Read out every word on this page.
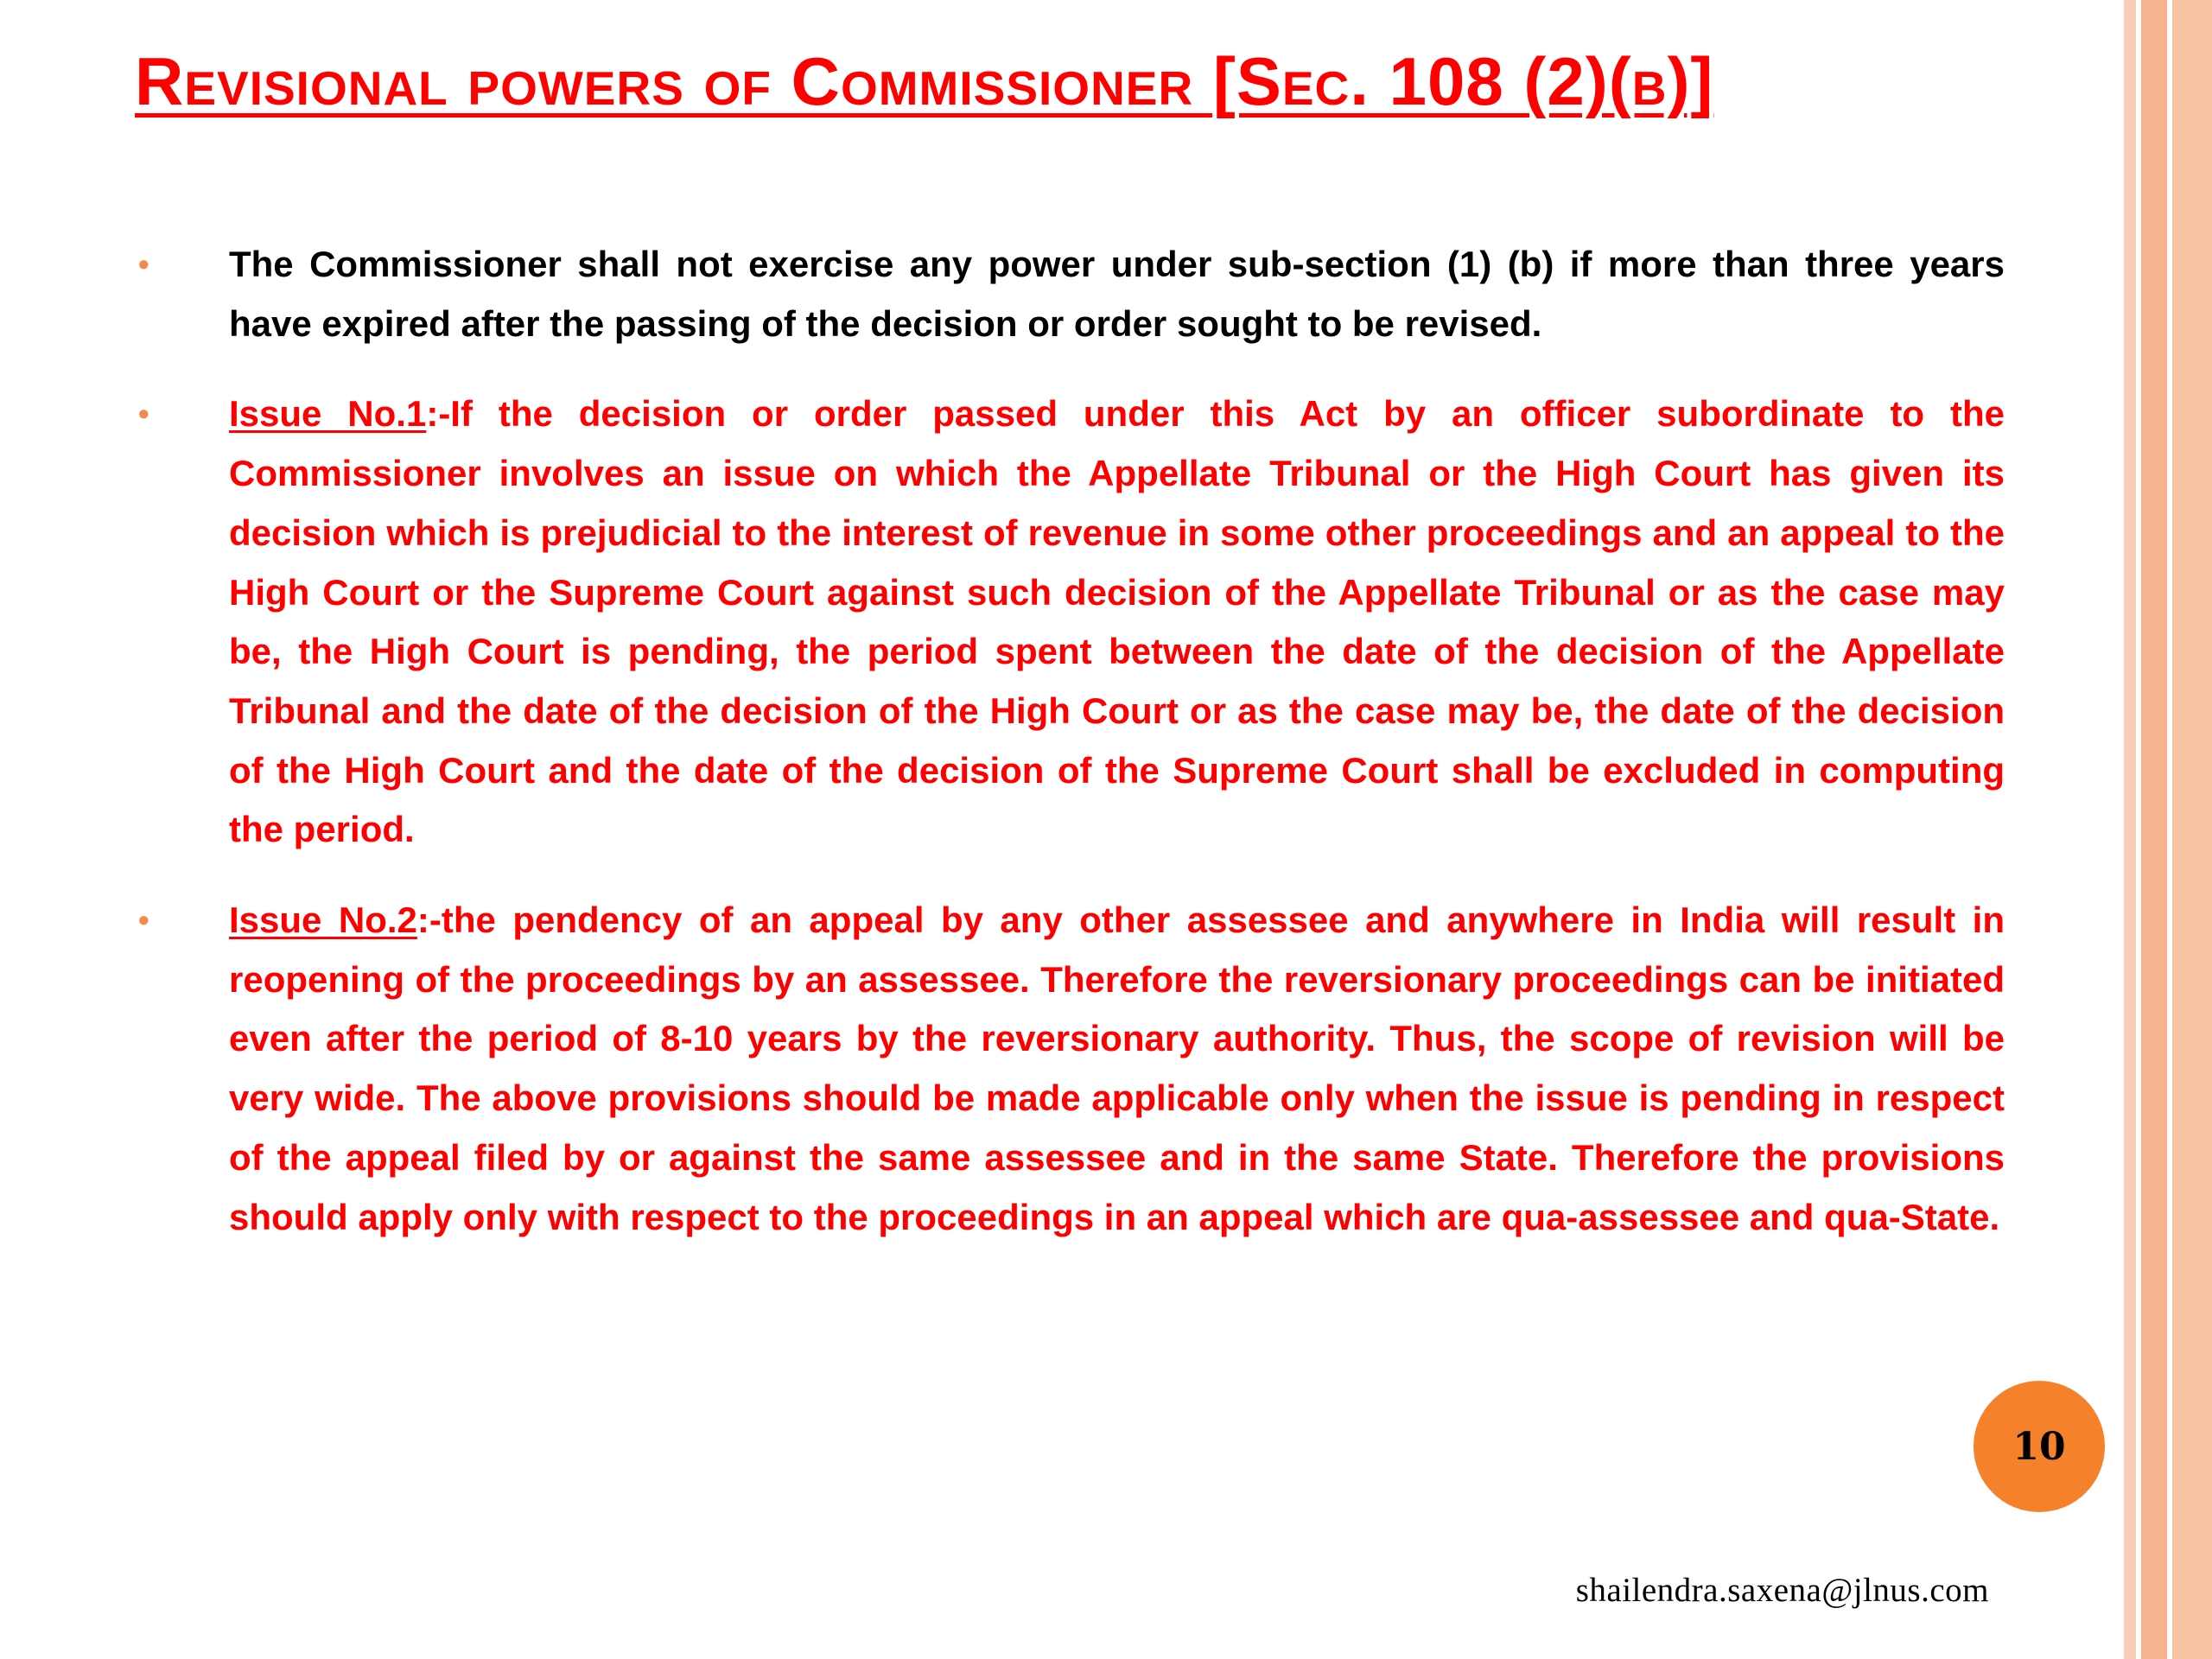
Revisional powers of Commissioner [Sec. 108 (2)(b)]
• The Commissioner shall not exercise any power under sub-section (1) (b) if more than three years have expired after the passing of the decision or order sought to be revised.
• Issue No.1:-If the decision or order passed under this Act by an officer subordinate to the Commissioner involves an issue on which the Appellate Tribunal or the High Court has given its decision which is prejudicial to the interest of revenue in some other proceedings and an appeal to the High Court or the Supreme Court against such decision of the Appellate Tribunal or as the case may be, the High Court is pending, the period spent between the date of the decision of the Appellate Tribunal and the date of the decision of the High Court or as the case may be, the date of the decision of the High Court and the date of the decision of the Supreme Court shall be excluded in computing the period.
• Issue No.2:-the pendency of an appeal by any other assessee and anywhere in India will result in reopening of the proceedings by an assessee. Therefore the reversionary proceedings can be initiated even after the period of 8-10 years by the reversionary authority. Thus, the scope of revision will be very wide. The above provisions should be made applicable only when the issue is pending in respect of the appeal filed by or against the same assessee and in the same State. Therefore the provisions should apply only with respect to the proceedings in an appeal which are qua-assessee and qua-State.
10
shailendra.saxena@jlnus.com
